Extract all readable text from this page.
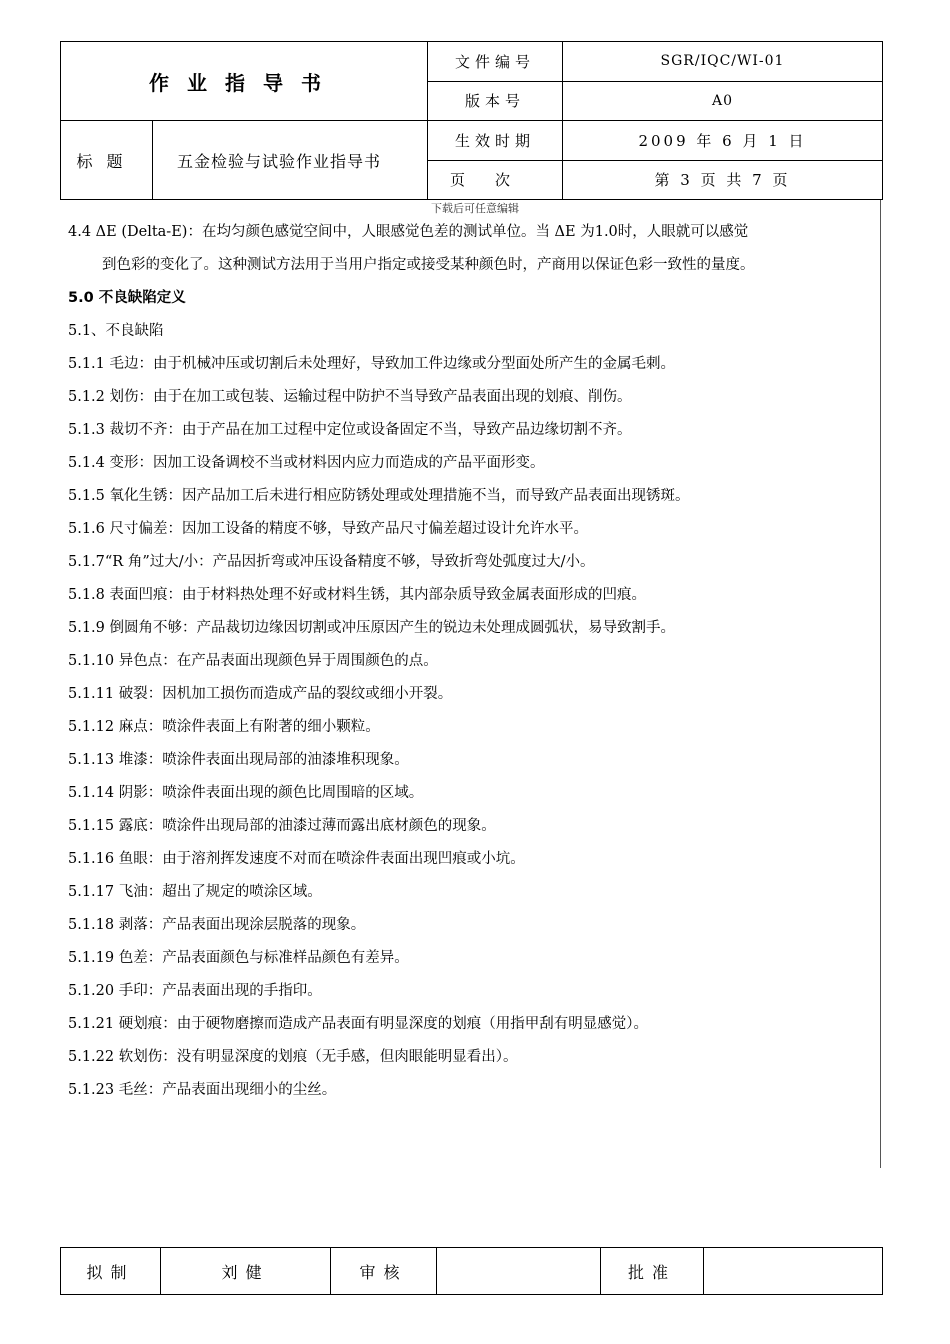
作业指导书		文件编号	SGR/IQC/WI-01
		版本号	A0
标题	五金检验与试验作业指导书	生效时期	2009 年 6 月 1 日
		页次	第 3 页 共 7 页
下载后可任意编辑

4.4 ΔE (Delta-E)：在均匀颜色感觉空间中，人眼感觉色差的测试单位。当 ΔE 为1.0时，人眼就可以感觉

到色彩的变化了。这种测试方法用于当用户指定或接受某种颜色时，产商用以保证色彩一致性的量度。

5.0 不良缺陷定义

5.1、不良缺陷

5.1.1 毛边：由于机械冲压或切割后未处理好，导致加工件边缘或分型面处所产生的金属毛刺。

5.1.2 划伤：由于在加工或包装、运输过程中防护不当导致产品表面出现的划痕、削伤。

5.1.3 裁切不齐：由于产品在加工过程中定位或设备固定不当，导致产品边缘切割不齐。

5.1.4 变形：因加工设备调校不当或材料因内应力而造成的产品平面形变。

5.1.5 氧化生锈：因产品加工后未进行相应防锈处理或处理措施不当，而导致产品表面出现锈斑。

5.1.6 尺寸偏差：因加工设备的精度不够，导致产品尺寸偏差超过设计允许水平。

5.1.7“R 角”过大/小：产品因折弯或冲压设备精度不够，导致折弯处弧度过大/小。

5.1.8 表面凹痕：由于材料热处理不好或材料生锈，其内部杂质导致金属表面形成的凹痕。

5.1.9 倒圆角不够：产品裁切边缘因切割或冲压原因产生的锐边未处理成圆弧状，易导致割手。

5.1.10 异色点：在产品表面出现颜色异于周围颜色的点。

5.1.11 破裂：因机加工损伤而造成产品的裂纹或细小开裂。

5.1.12 麻点：喷涂件表面上有附著的细小颗粒。

5.1.13 堆漆：喷涂件表面出现局部的油漆堆积现象。

5.1.14 阴影：喷涂件表面出现的颜色比周围暗的区域。

5.1.15 露底：喷涂件出现局部的油漆过薄而露出底材颜色的现象。

5.1.16 鱼眼：由于溶剂挥发速度不对而在喷涂件表面出现凹痕或小坑。

5.1.17 飞油：超出了规定的喷涂区域。

5.1.18 剥落：产品表面出现涂层脱落的现象。

5.1.19 色差：产品表面颜色与标准样品颜色有差异。

5.1.20 手印：产品表面出现的手指印。

5.1.21 硬划痕：由于硬物磨擦而造成产品表面有明显深度的划痕（用指甲刮有明显感觉）。

5.1.22 软划伤：没有明显深度的划痕（无手感，但肉眼能明显看出）。

5.1.23 毛丝：产品表面出现细小的尘丝。

拟制	刘健	审核		批准	
